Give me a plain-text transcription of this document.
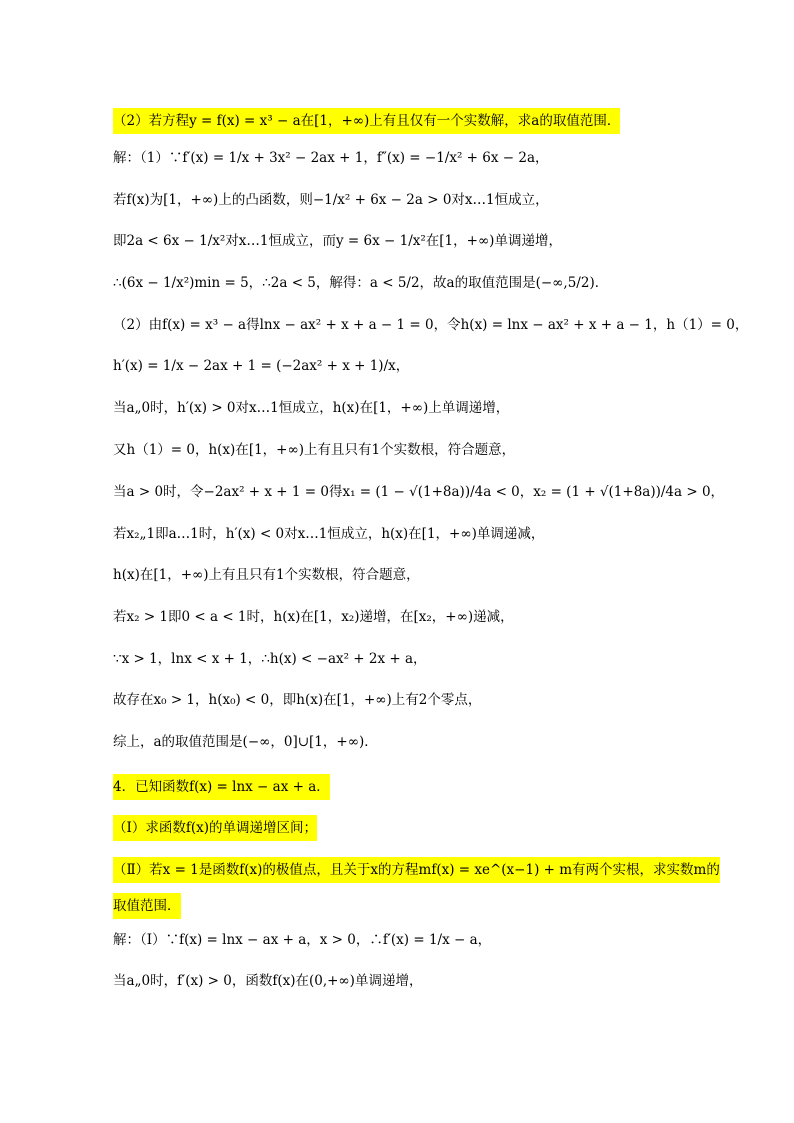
（2）若方程y = f(x) = x³ − a在[1，+∞)上有且仅有一个实数解，求a的取值范围．
解：（1）∵f′(x) = 1/x + 3x² − 2ax + 1，f″(x) = −1/x² + 6x − 2a，
若f(x)为[1，+∞)上的凸函数，则−1/x² + 6x − 2a > 0对x…1恒成立，
即2a < 6x − 1/x²对x…1恒成立，而y = 6x − 1/x²在[1，+∞)单调递增，
∴(6x − 1/x²)min = 5，∴2a < 5，解得：a < 5/2，故a的取值范围是(−∞,5/2)．
（2）由f(x) = x³ − a得lnx − ax² + x + a − 1 = 0，令h(x) = lnx − ax² + x + a − 1，h（1）= 0，
h′(x) = 1/x − 2ax + 1 = (−2ax² + x + 1)/x，
当a„0时，h′(x) > 0对x…1恒成立，h(x)在[1，+∞)上单调递增，
又h（1）= 0，h(x)在[1，+∞)上有且只有1个实数根，符合题意，
当a > 0时，令−2ax² + x + 1 = 0得x₁ = (1 − √(1+8a))/4a < 0，x₂ = (1 + √(1+8a))/4a > 0，
若x₂„1即a…1时，h′(x) < 0对x…1恒成立，h(x)在[1，+∞)单调递减，
h(x)在[1，+∞)上有且只有1个实数根，符合题意，
若x₂ > 1即0 < a < 1时，h(x)在[1，x₂)递增，在[x₂，+∞)递减，
∵x > 1，lnx < x + 1，∴h(x) < −ax² + 2x + a，
故存在x₀ > 1，h(x₀) < 0，即h(x)在[1，+∞)上有2个零点，
综上，a的取值范围是(−∞，0]∪[1，+∞)．
4．已知函数f(x) = lnx − ax + a．
（Ⅰ）求函数f(x)的单调递增区间；
（Ⅱ）若x = 1是函数f(x)的极值点，且关于x的方程mf(x) = xe^(x−1) + m有两个实根，求实数m的
取值范围．
解：（Ⅰ）∵f(x) = lnx − ax + a，x > 0，∴f′(x) = 1/x − a，
当a„0时，f′(x) > 0，函数f(x)在(0,+∞)单调递增，
